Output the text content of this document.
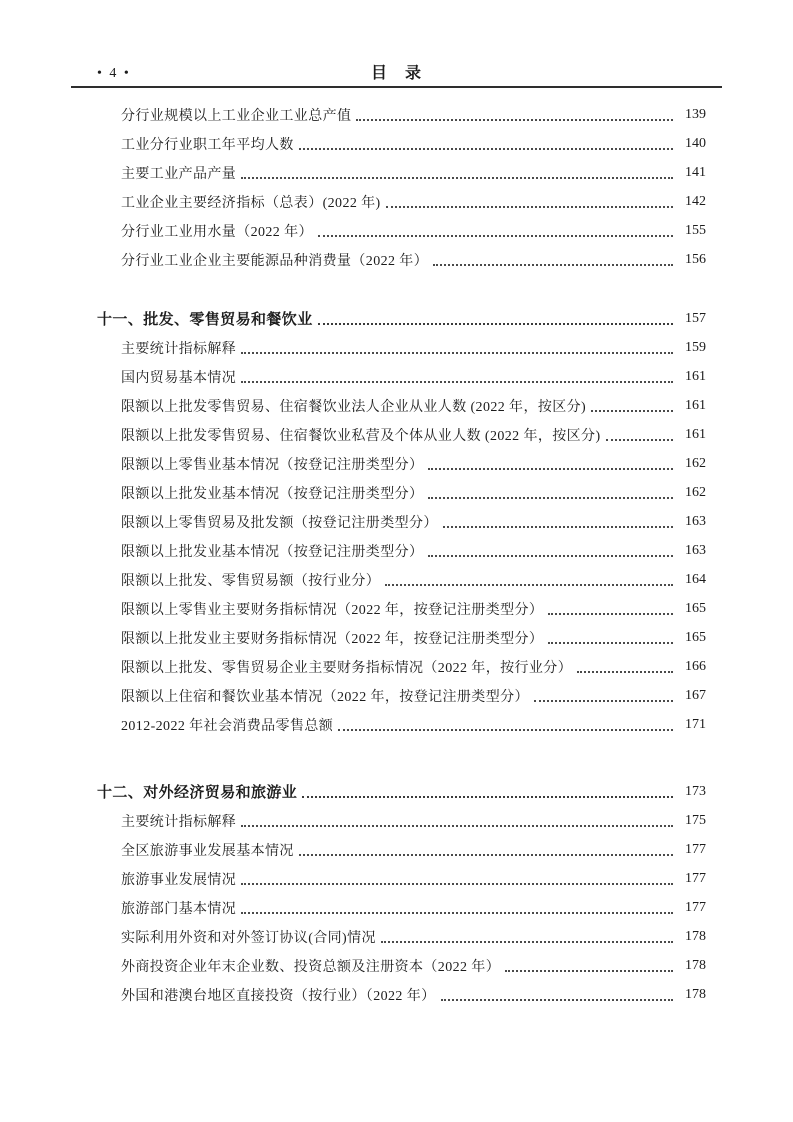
• 4 •	目　录
分行业规模以上工业企业工业总产值	139
工业分行业职工年平均人数	140
主要工业产品产量	141
工业企业主要经济指标（总表）(2022 年)	142
分行业工业用水量（2022 年）	155
分行业工业企业主要能源品种消费量（2022 年）	156
十一、批发、零售贸易和餐饮业	157
主要统计指标解释	159
国内贸易基本情况	161
限额以上批发零售贸易、住宿餐饮业法人企业从业人数 (2022 年，按区分)	161
限额以上批发零售贸易、住宿餐饮业私营及个体从业人数 (2022 年，按区分)	161
限额以上零售业基本情况（按登记注册类型分）	162
限额以上批发业基本情况（按登记注册类型分）	162
限额以上零售贸易及批发额（按登记注册类型分）	163
限额以上批发业基本情况（按登记注册类型分）	163
限额以上批发、零售贸易额（按行业分）	164
限额以上零售业主要财务指标情况（2022 年，按登记注册类型分）	165
限额以上批发业主要财务指标情况（2022 年，按登记注册类型分）	165
限额以上批发、零售贸易企业主要财务指标情况（2022 年，按行业分）	166
限额以上住宿和餐饮业基本情况（2022 年，按登记注册类型分）	167
2012-2022 年社会消费品零售总额	171
十二、对外经济贸易和旅游业	173
主要统计指标解释	175
全区旅游事业发展基本情况	177
旅游事业发展情况	177
旅游部门基本情况	177
实际利用外资和对外签订协议(合同)情况	178
外商投资企业年末企业数、投资总额及注册资本（2022 年）	178
外国和港澳台地区直接投资（按行业）（2022 年）	178
